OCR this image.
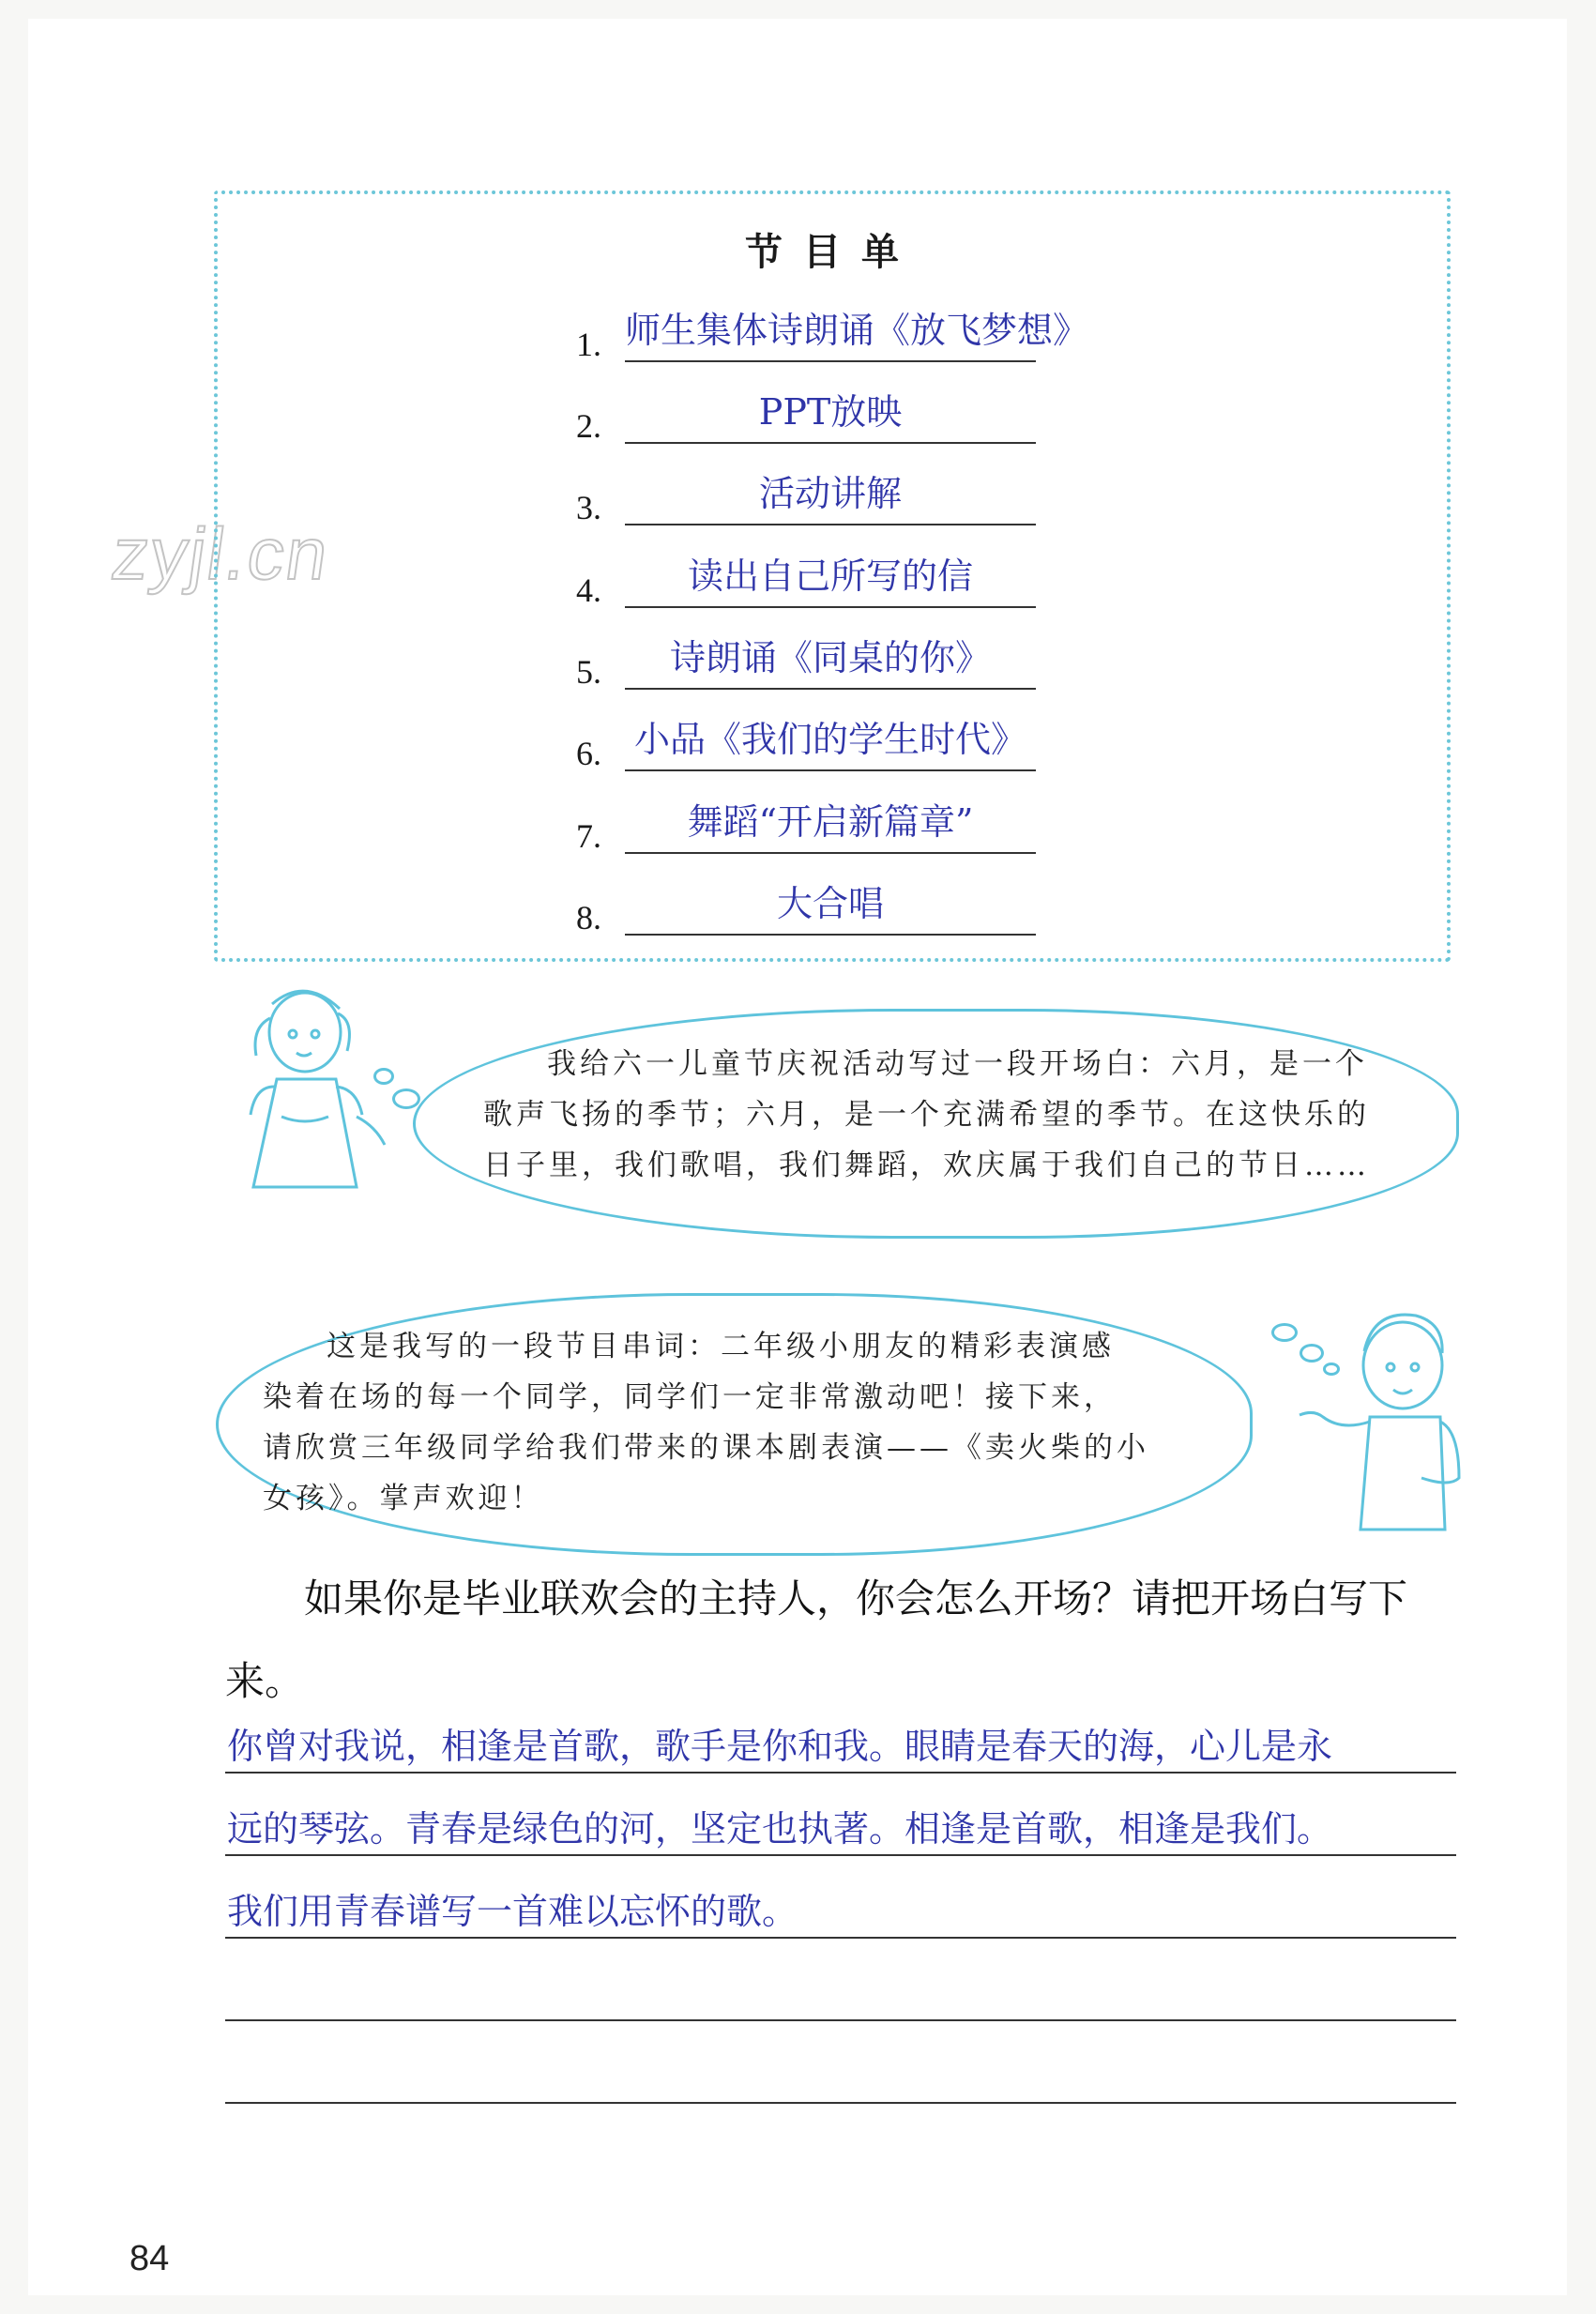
zyjl.cn
节目单
1. 师生集体诗朗诵《放飞梦想》
2.	PPT放映
3.	活动讲解
4.	读出自己所写的信
5.	诗朗诵《同桌的你》
6. 小品《我们的学生时代》
7.	舞蹈“开启新篇章”
8.	大合唱
我给六一儿童节庆祝活动写过一段开场白：六月，是一个
歌声飞扬的季节；六月，是一个充满希望的季节。在这快乐的
日子里，我们歌唱，我们舞蹈，欢庆属于我们自己的节日……
这是我写的一段节目串词：二年级小朋友的精彩表演感
染着在场的每一个同学，同学们一定非常激动吧！接下来，
请欣赏三年级同学给我们带来的课本剧表演——《卖火柴的小
女孩》。掌声欢迎！
如果你是毕业联欢会的主持人，你会怎么开场？请把开场白写下来。
你曾对我说，相逢是首歌，歌手是你和我。眼睛是春天的海，心儿是永
远的琴弦。青春是绿色的河，坚定也执著。相逢是首歌，相逢是我们。
我们用青春谱写一首难以忘怀的歌。
84
